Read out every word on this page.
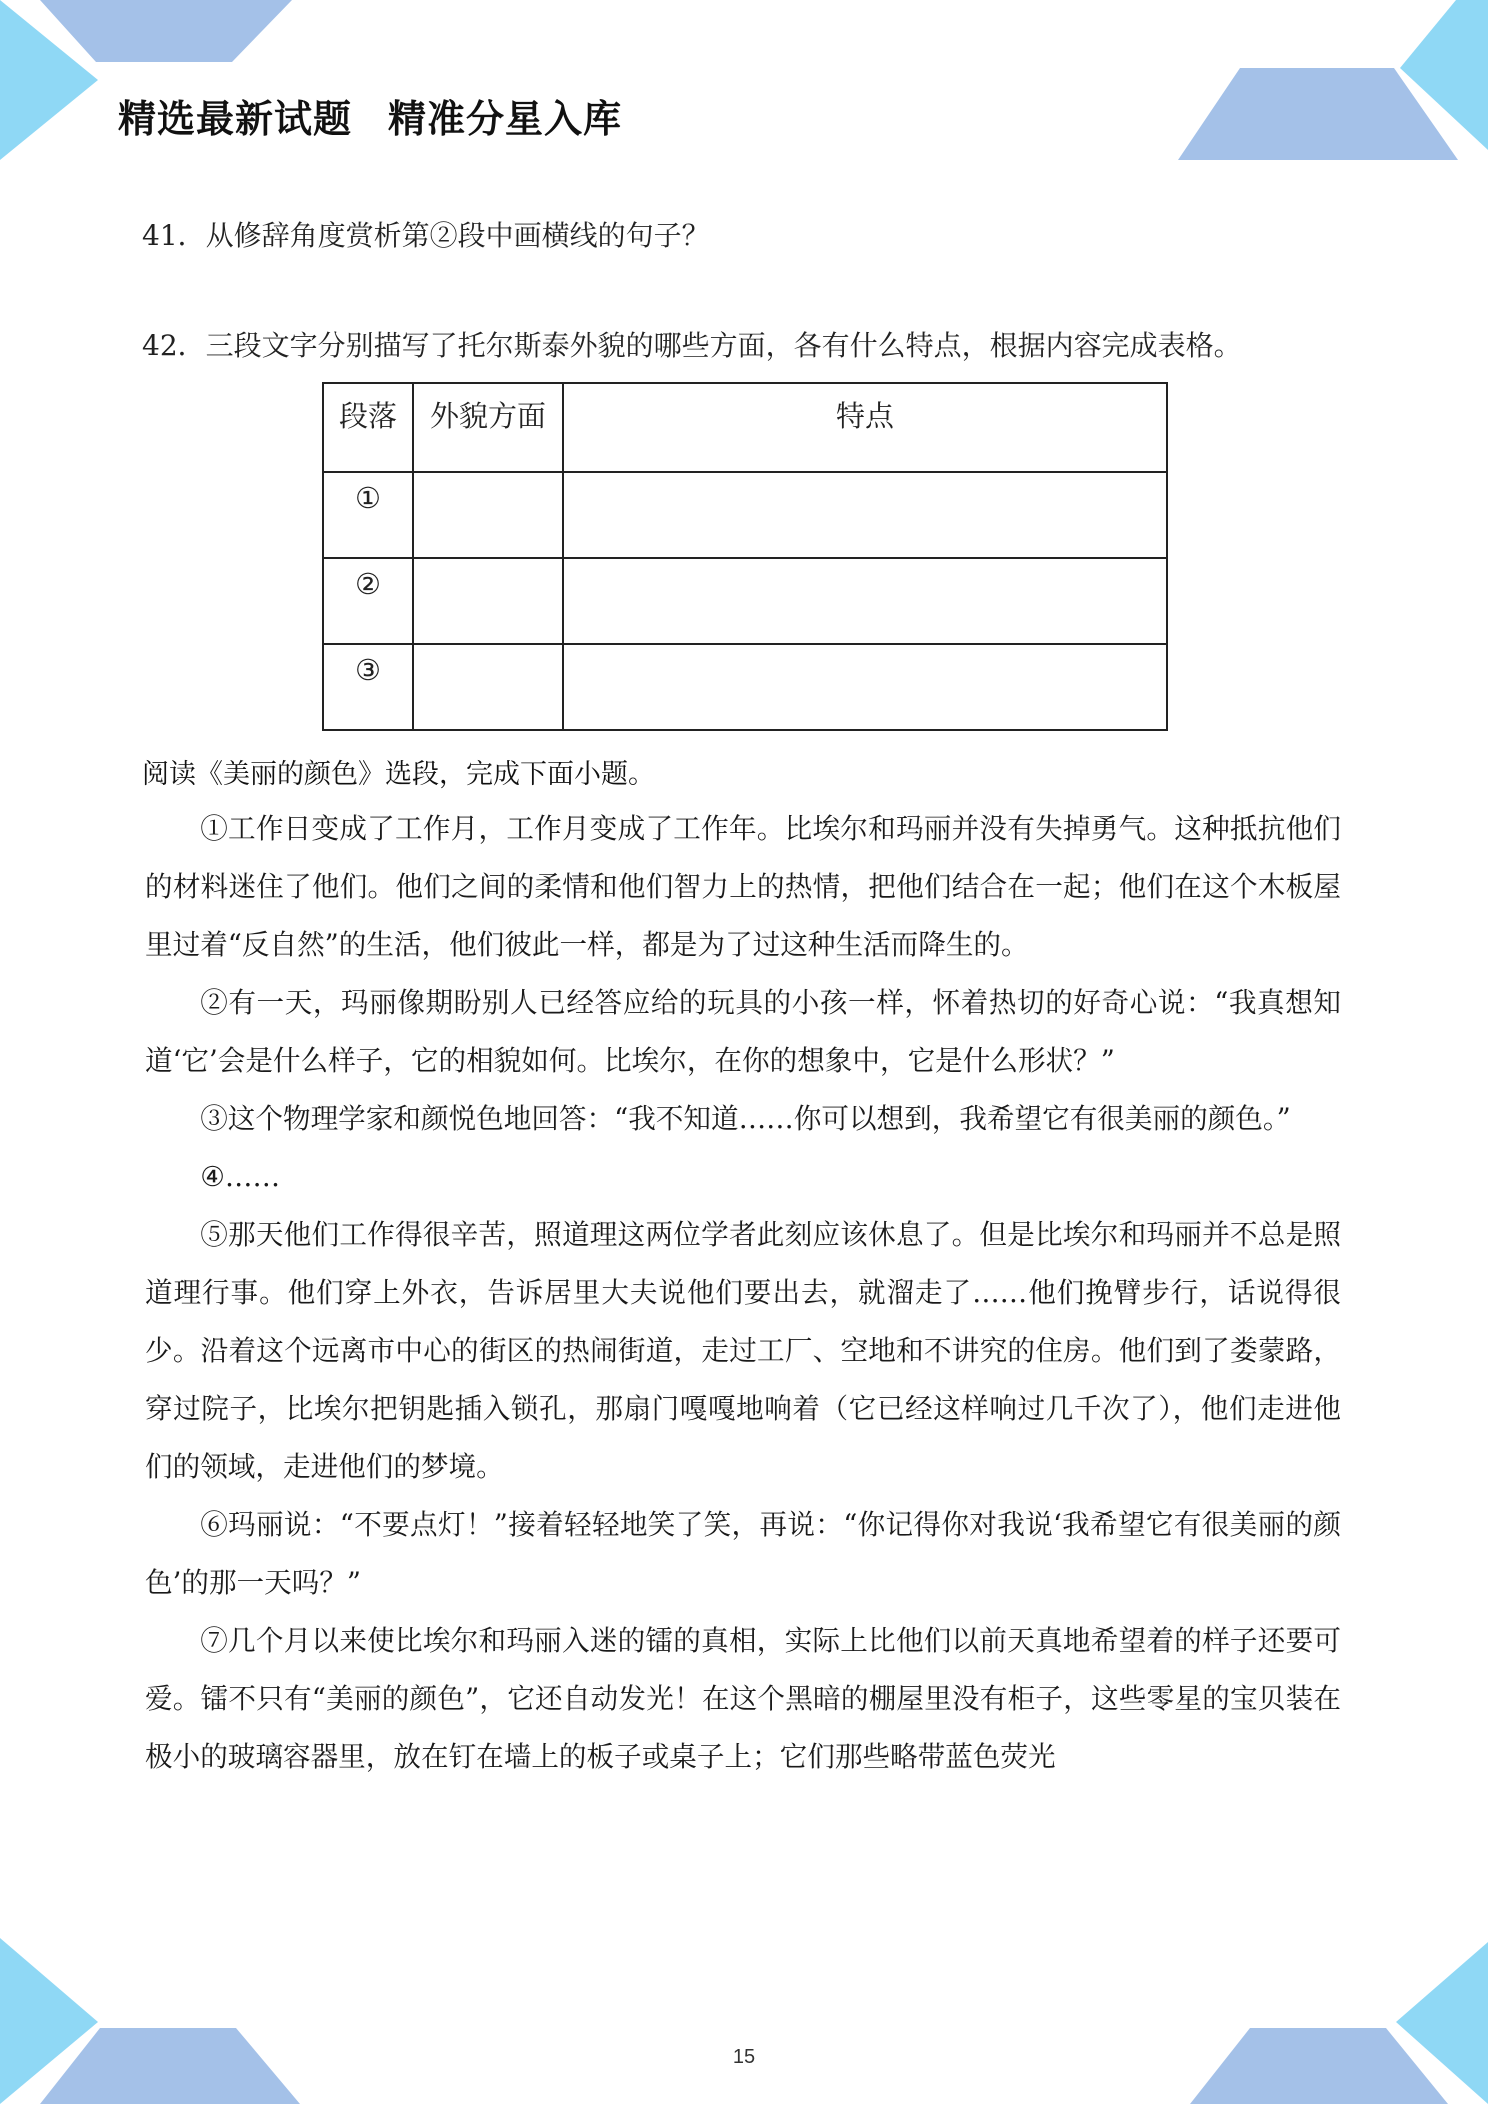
精选最新试题 精准分星入库
41．从修辞角度赏析第②段中画横线的句子？
42．三段文字分别描写了托尔斯泰外貌的哪些方面，各有什么特点，根据内容完成表格。
段落	外貌方面	特点
①		
②		
③		
阅读《美丽的颜色》选段，完成下面小题。

①工作日变成了工作月，工作月变成了工作年。比埃尔和玛丽并没有失掉勇气。这种抵抗他们的材料迷住了他们。他们之间的柔情和他们智力上的热情，把他们结合在一起；他们在这个木板屋里过着“反自然”的生活，他们彼此一样，都是为了过这种生活而降生的。

②有一天，玛丽像期盼别人已经答应给的玩具的小孩一样，怀着热切的好奇心说：“我真想知道‘它’会是什么样子，它的相貌如何。比埃尔，在你的想象中，它是什么形状？”

③这个物理学家和颜悦色地回答：“我不知道……你可以想到，我希望它有很美丽的颜色。”

④……

⑤那天他们工作得很辛苦，照道理这两位学者此刻应该休息了。但是比埃尔和玛丽并不总是照道理行事。他们穿上外衣，告诉居里大夫说他们要出去，就溜走了……他们挽臂步行，话说得很少。沿着这个远离市中心的街区的热闹街道，走过工厂、空地和不讲究的住房。他们到了娄蒙路，穿过院子，比埃尔把钥匙插入锁孔，那扇门嘎嘎地响着（它已经这样响过几千次了），他们走进他们的领域，走进他们的梦境。

⑥玛丽说：“不要点灯！”接着轻轻地笑了笑，再说：“你记得你对我说‘我希望它有很美丽的颜色’的那一天吗？”

⑦几个月以来使比埃尔和玛丽入迷的镭的真相，实际上比他们以前天真地希望着的样子还要可爱。镭不只有“美丽的颜色”，它还自动发光！在这个黑暗的棚屋里没有柜子，这些零星的宝贝装在极小的玻璃容器里，放在钉在墙上的板子或桌子上；它们那些略带蓝色荧光

15
